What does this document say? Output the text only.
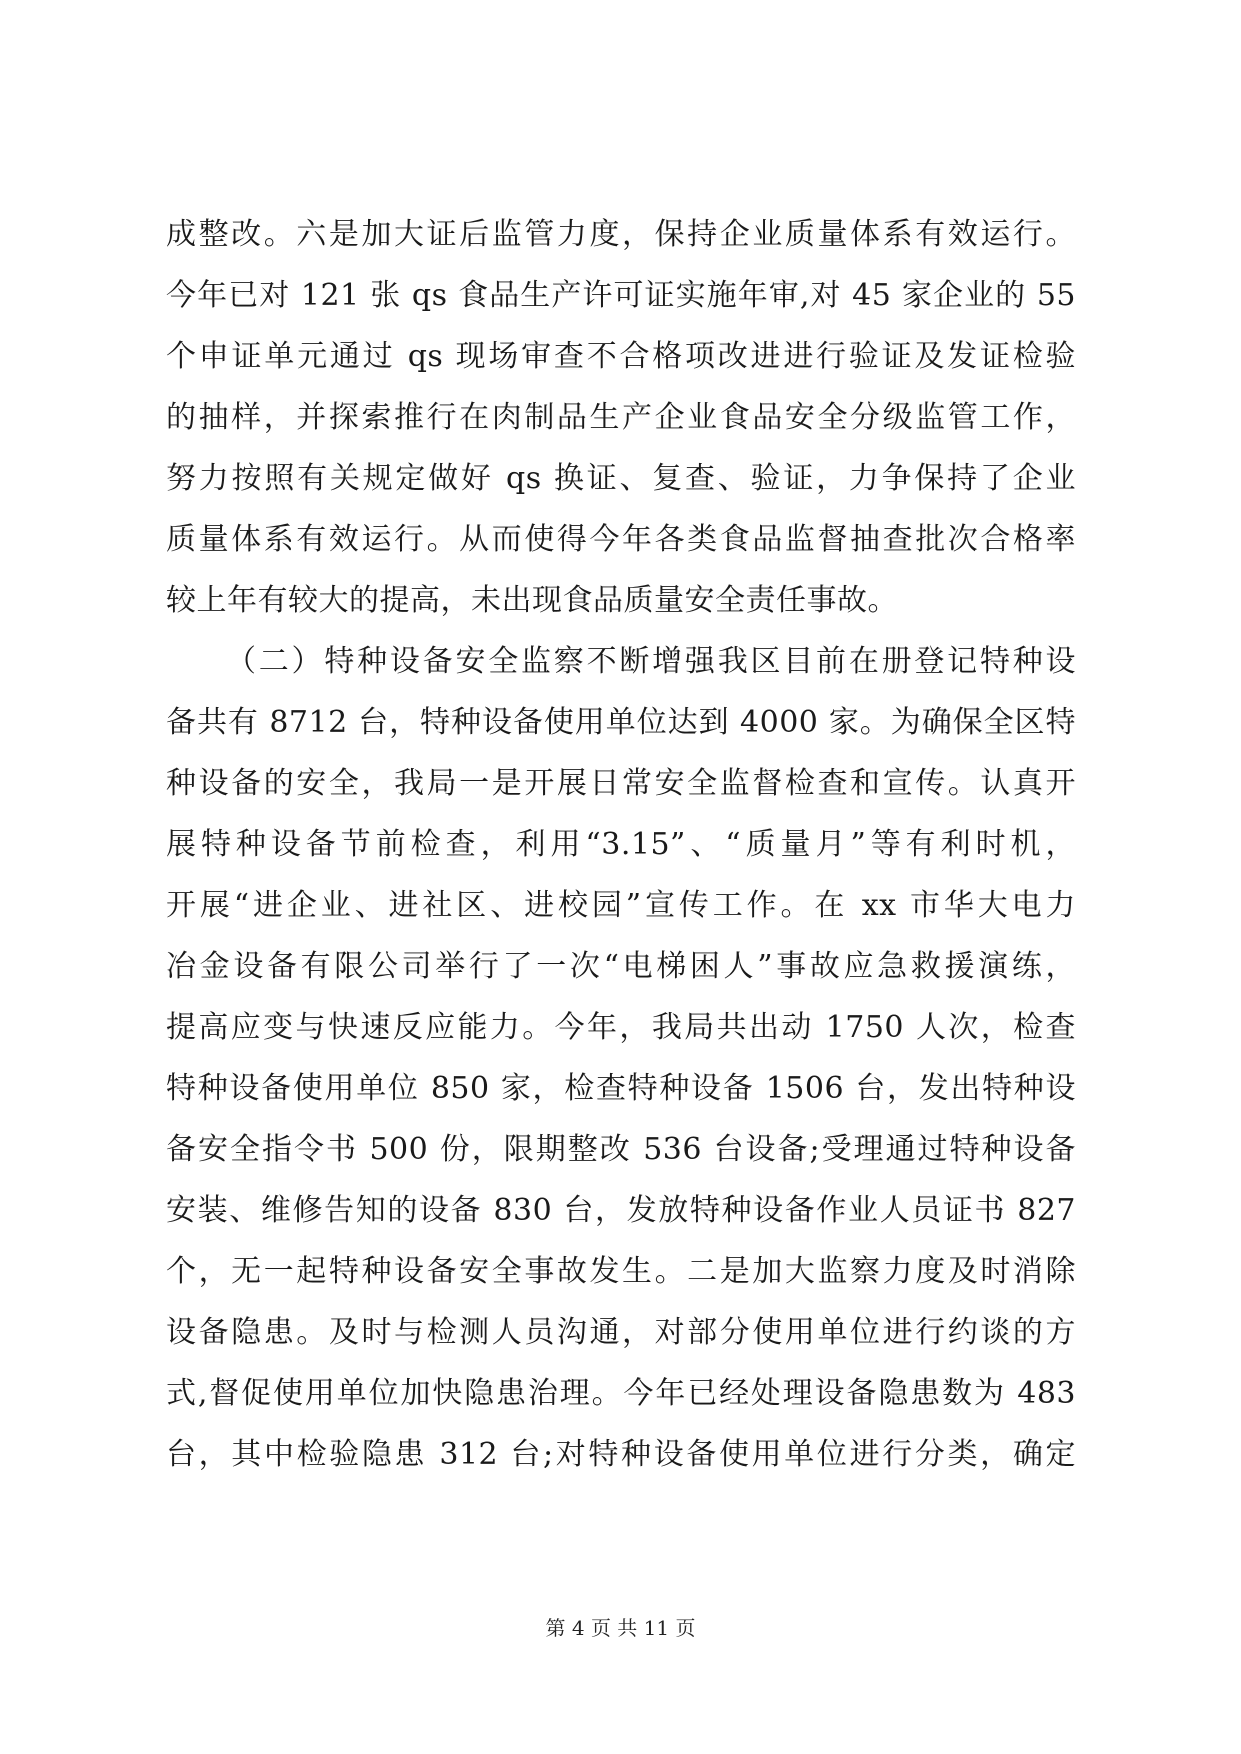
成整改。六是加大证后监管力度，保持企业质量体系有效运行。
今年已对 121 张 qs 食品生产许可证实施年审,对 45 家企业的 55
个申证单元通过 qs 现场审查不合格项改进进行验证及发证检验
的抽样，并探索推行在肉制品生产企业食品安全分级监管工作，
努力按照有关规定做好 qs 换证、复查、验证，力争保持了企业
质量体系有效运行。从而使得今年各类食品监督抽查批次合格率
较上年有较大的提高，未出现食品质量安全责任事故。
（二）特种设备安全监察不断增强我区目前在册登记特种设
备共有 8712 台，特种设备使用单位达到 4000 家。为确保全区特
种设备的安全，我局一是开展日常安全监督检查和宣传。认真开
展特种设备节前检查，利用“3.15”、“质量月”等有利时机，
开展“进企业、进社区、进校园”宣传工作。在 xx 市华大电力
冶金设备有限公司举行了一次“电梯困人”事故应急救援演练，
提高应变与快速反应能力。今年，我局共出动 1750 人次，检查
特种设备使用单位 850 家，检查特种设备 1506 台，发出特种设
备安全指令书 500 份，限期整改 536 台设备;受理通过特种设备
安装、维修告知的设备 830 台，发放特种设备作业人员证书 827
个，无一起特种设备安全事故发生。二是加大监察力度及时消除
设备隐患。及时与检测人员沟通，对部分使用单位进行约谈的方
式,督促使用单位加快隐患治理。今年已经处理设备隐患数为 483
台，其中检验隐患 312 台;对特种设备使用单位进行分类，确定
第 4 页 共 11 页
